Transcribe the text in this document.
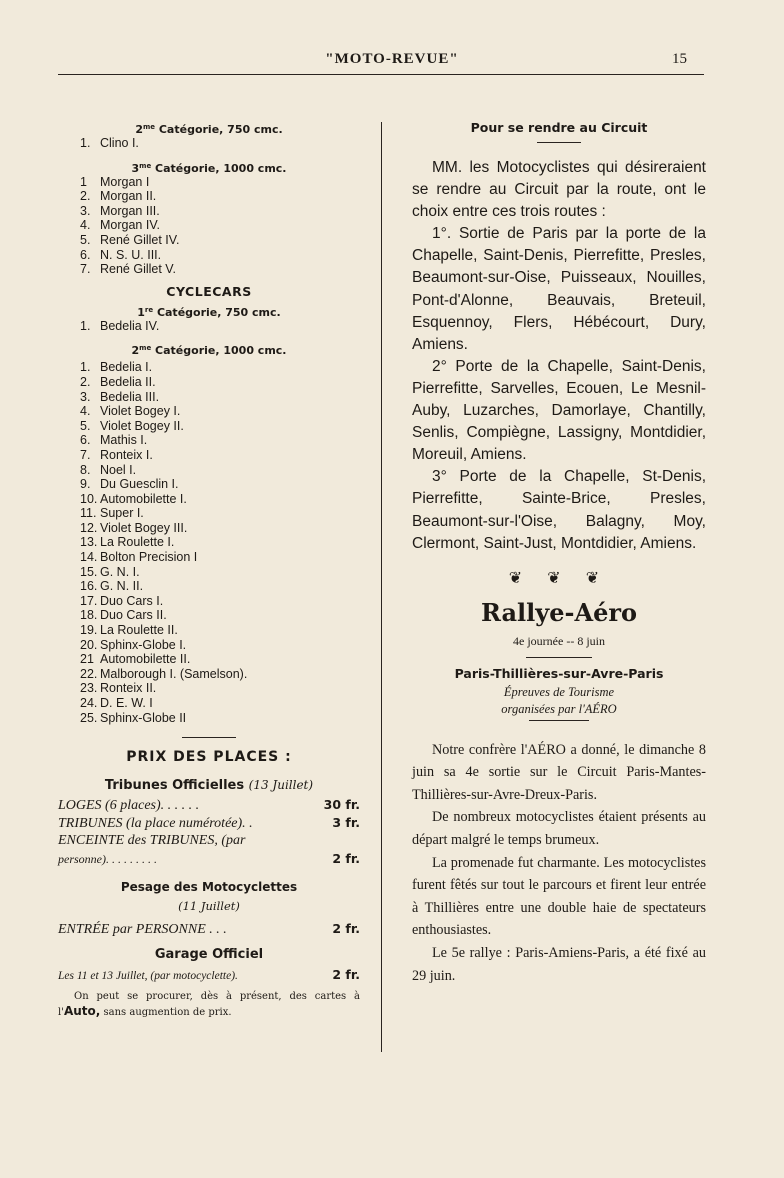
"MOTO-REVUE"	15
$2^{me}$ Catégorie, 750 cmc.
1. Clino I.
$3^{me}$ Catégorie, 1000 cmc.
1 Morgan I
2. Morgan II.
3. Morgan III.
4. Morgan IV.
5. René Gillet IV.
6. N. S. U. III.
7. René Gillet V.
CYCLECARS
1re Catégorie, 750 cmc.
1. Bedelia IV.
$2^{me}$ Catégorie, 1000 cmc.
1. Bedelia I.
2. Bedelia II.
3. Bedelia III.
4. Violet Bogey I.
5. Violet Bogey II.
6. Mathis I.
7. Ronteix I.
8. Noel I.
9. Du Guesclin I.
10. Automobilette I.
11. Super I.
12. Violet Bogey III.
13. La Roulette I.
14. Bolton Precision I
15. G. N. I.
16. G. N. II.
17. Duo Cars I.
18. Duo Cars II.
19. La Roulette II.
20. Sphinx-Globe I.
21 Automobilette II.
22. Malborough I. (Samelson).
23. Ronteix II.
24. D. E. W. I
25. Sphinx-Globe II
PRIX DES PLACES :
Tribunes Officielles (13 Juillet)
LOGES (6 places). . . . . .	30 fr.
TRIBUNES (la place numérotée). .	3 fr.
ENCEINTE des TRIBUNES, (par
personne). . . . . . . . .	2 fr.
Pesage des Motocyclettes
(11 Juillet)
ENTRÉE par PERSONNE . . .	2 fr.
Garage Officiel
Les 11 et 13 Juillet, (par motocyclette).	2 fr.
On peut se procurer, dès à présent, des cartes à l'Auto, sans augmention de prix.
Pour se rendre au Circuit

MM. les Motocyclistes qui désireraient se rendre au Circuit par la route, ont le choix entre ces trois routes :

1°. Sortie de Paris par la porte de la Chapelle, Saint-Denis, Pierrefitte, Presles, Beaumont-sur-Oise, Puisseaux, Nouilles, Pont-d'Alonne, Beauvais, Breteuil, Esquennoy, Flers, Hébécourt, Dury, Amiens.

2° Porte de la Chapelle, Saint-Denis, Pierrefitte, Sarvelles, Ecouen, Le Mesnil-Auby, Luzarches, Damorlaye, Chantilly, Senlis, Compiègne, Lassigny, Montdidier, Moreuil, Amiens.

3° Porte de la Chapelle, St-Denis, Pierrefitte, Sainte-Brice, Presles, Beaumont-sur-l'Oise, Balagny, Moy, Clermont, Saint-Just, Montdidier, Amiens.

❦ ❦ ❦
Rallye-Aéro
4e journée -- 8 juin
Paris-Thillières-sur-Avre-Paris
Épreuves de Tourisme
organisées par l'AÉRO

Notre confrère l'AÉRO a donné, le dimanche 8 juin sa 4e sortie sur le Circuit Paris-Mantes-Thillières-sur-Avre-Dreux-Paris.

De nombreux motocyclistes étaient présents au départ malgré le temps brumeux.

La promenade fut charmante. Les motocyclistes furent fêtés sur tout le parcours et firent leur entrée à Thillières entre une double haie de spectateurs enthousiastes.

Le 5e rallye : Paris-Amiens-Paris, a été fixé au 29 juin.
